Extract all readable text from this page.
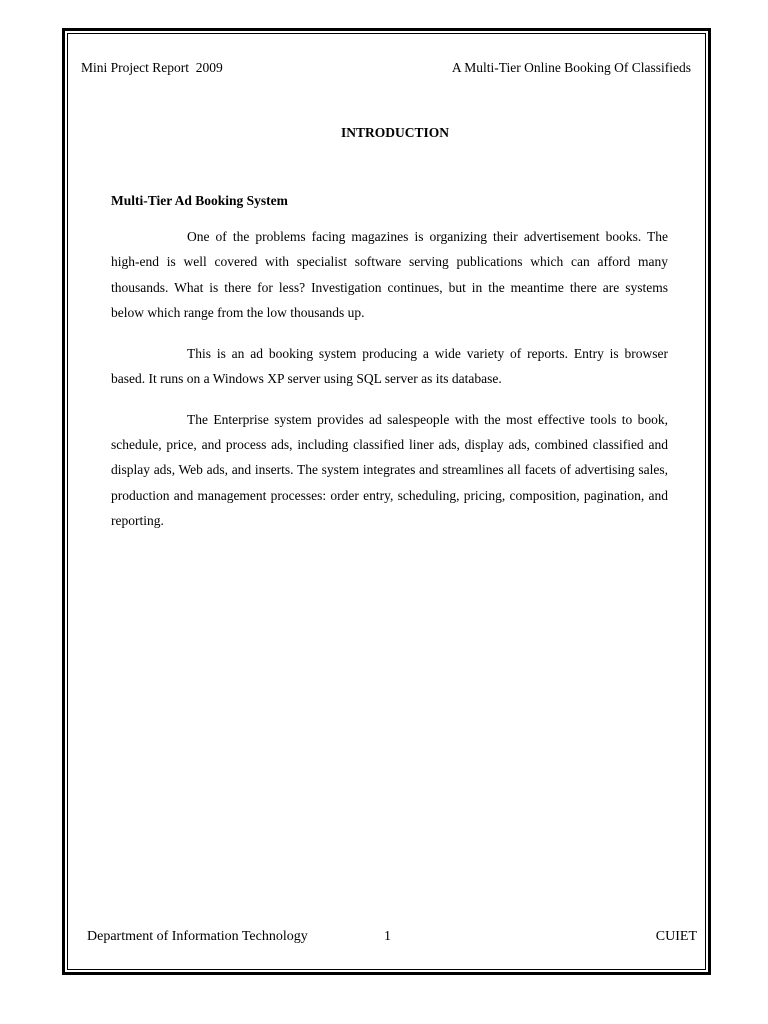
Mini Project Report  2009	A Multi-Tier Online Booking Of Classifieds
INTRODUCTION
Multi-Tier Ad Booking System

One of the problems facing magazines is organizing their advertisement books. The high-end is well covered with specialist software serving publications which can afford many thousands. What is there for less? Investigation continues, but in the meantime there are systems below which range from the low thousands up.

This is an ad booking system producing a wide variety of reports. Entry is browser based. It runs on a Windows XP server using SQL server as its database.

The Enterprise system provides ad salespeople with the most effective tools to book, schedule, price, and process ads, including classified liner ads, display ads, combined classified and display ads, Web ads, and inserts. The system integrates and streamlines all facets of advertising sales, production and management processes: order entry, scheduling, pricing, composition, pagination, and reporting.

Department of Information Technology	1	CUIET
